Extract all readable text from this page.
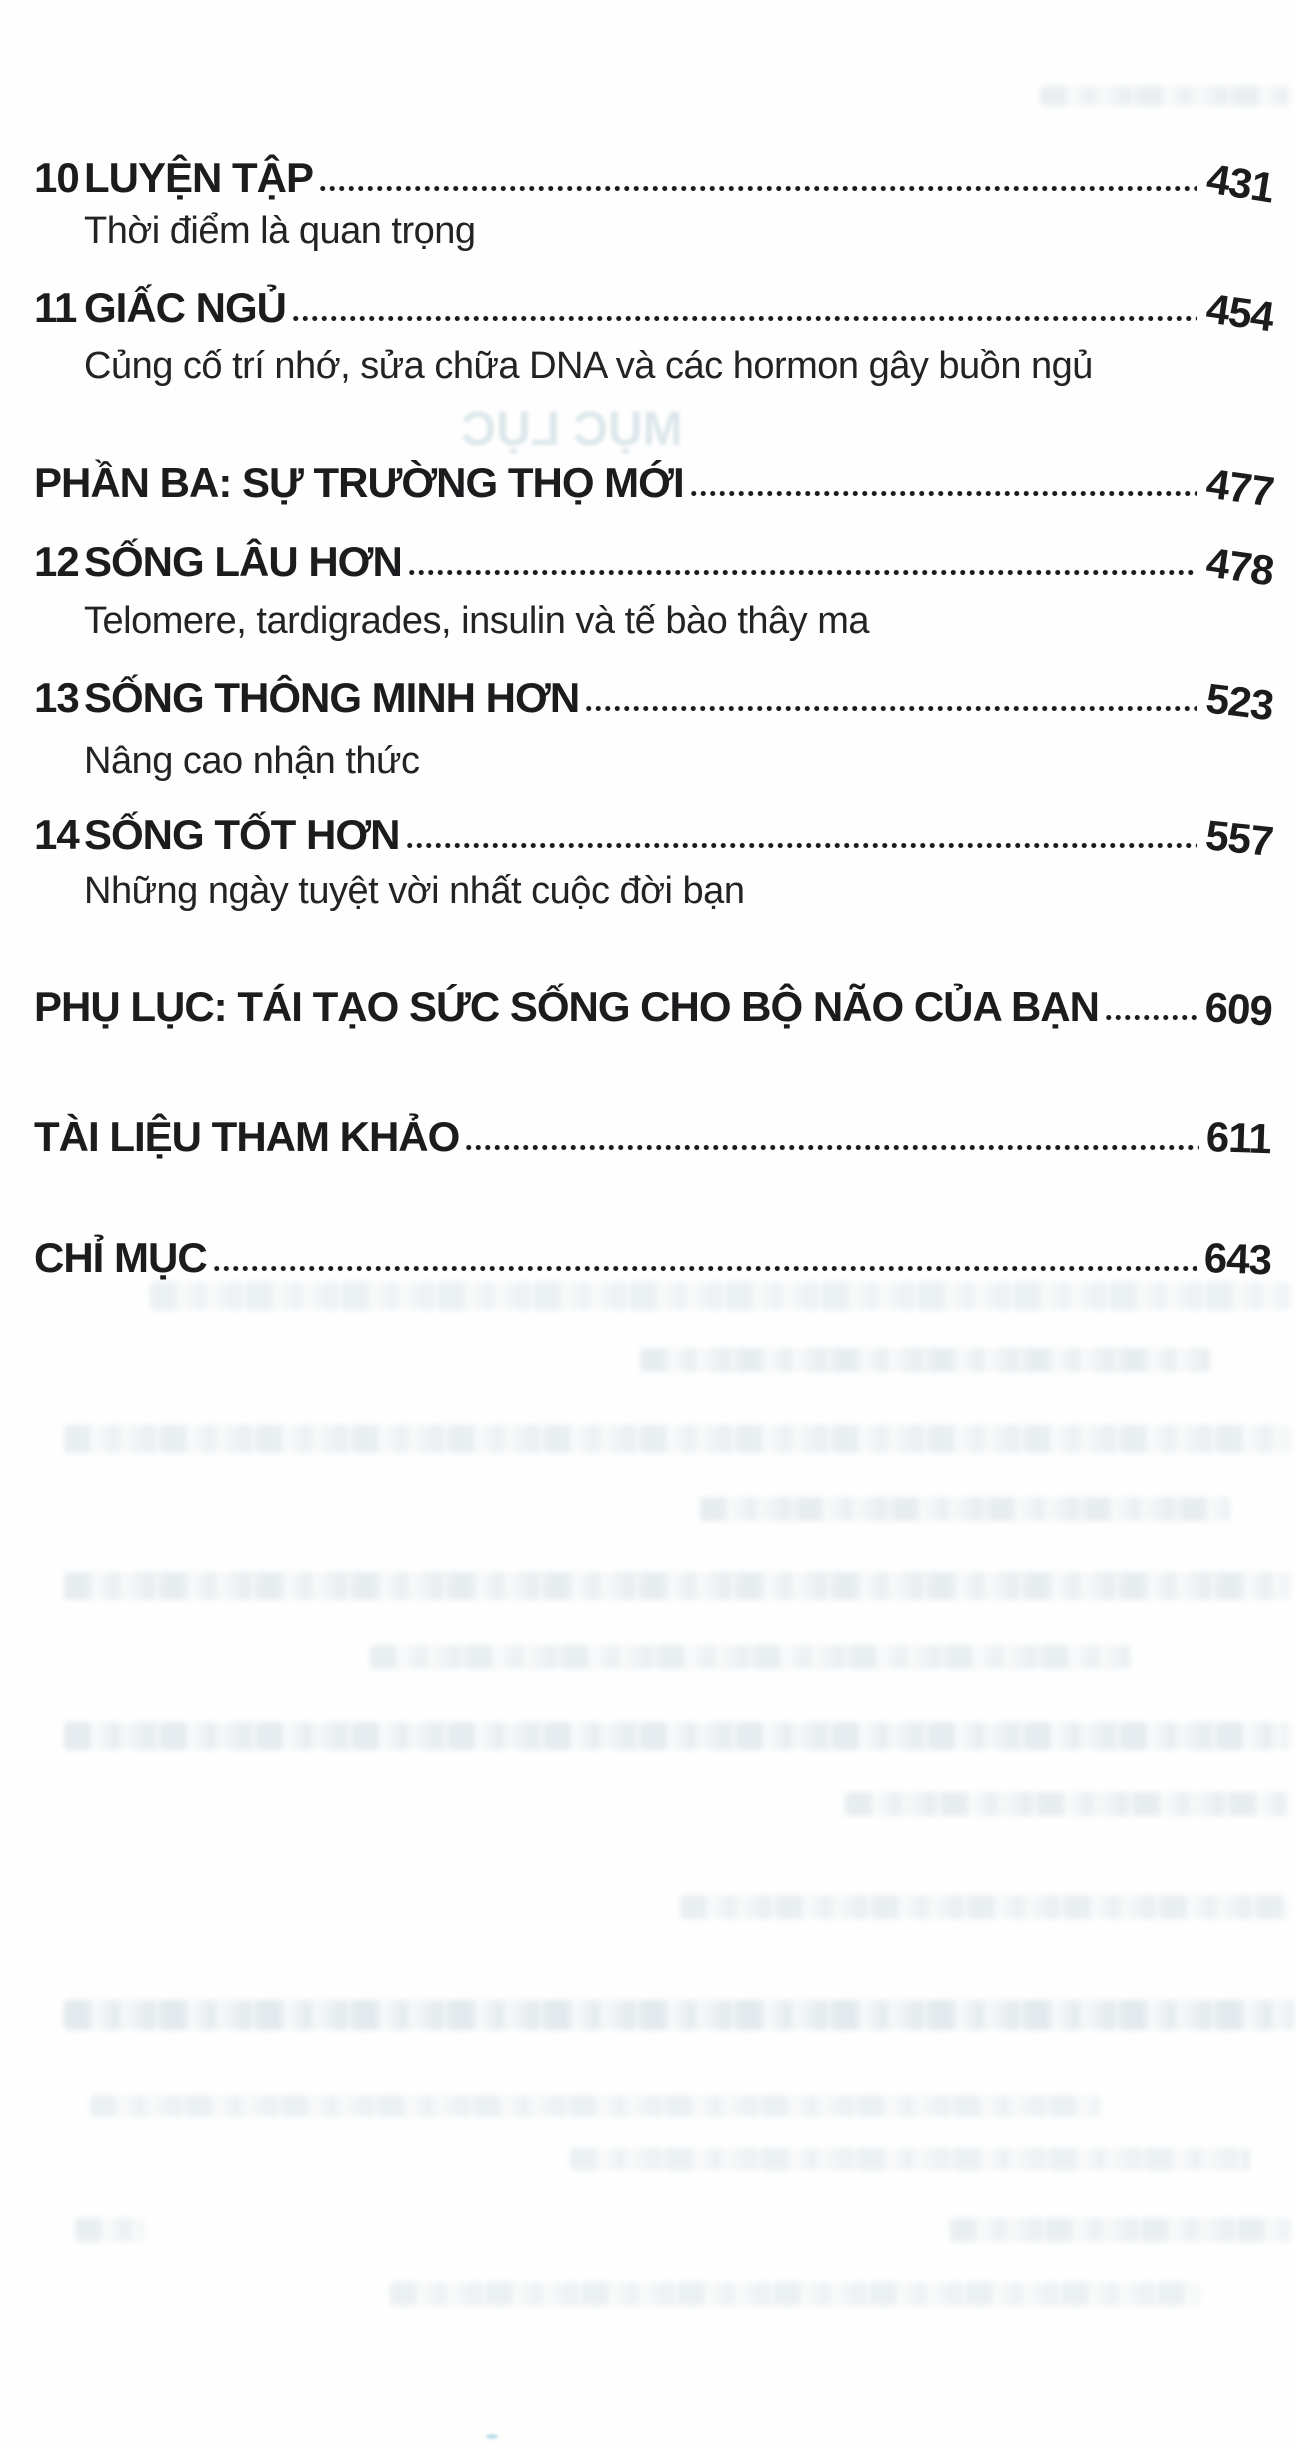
MỤC LỤC
10 LUYỆN TẬP	431
Thời điểm là quan trọng
11 GIẤC NGỦ	454
Củng cố trí nhớ, sửa chữa DNA và các hormon gây buồn ngủ
PHẦN BA: SỰ TRƯỜNG THỌ MỚI	477
12 SỐNG LÂU HƠN	478
Telomere, tardigrades, insulin và tế bào thây ma
13 SỐNG THÔNG MINH HƠN	523
Nâng cao nhận thức
14 SỐNG TỐT HƠN	557
Những ngày tuyệt vời nhất cuộc đời bạn
PHỤ LỤC: TÁI TẠO SỨC SỐNG CHO BỘ NÃO CỦA BẠN 609
TÀI LIỆU THAM KHẢO	611
CHỈ MỤC	643
